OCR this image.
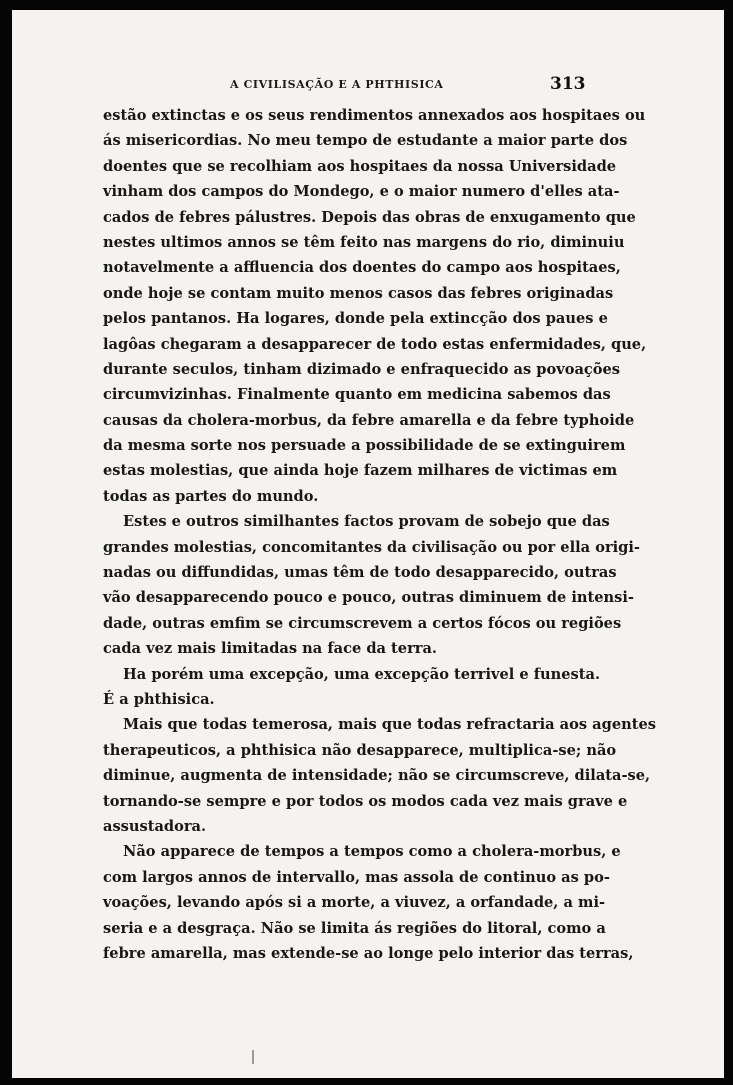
A CIVILISAÇÃO E A PHTHISICA	313
estão extinctas e os seus rendimentos annexados aos hospitaes ou
ás misericordias. No meu tempo de estudante a maior parte dos
doentes que se recolhiam aos hospitaes da nossa Universidade
vinham dos campos do Mondego, e o maior numero d'elles ata-
cados de febres pálustres. Depois das obras de enxugamento que
nestes ultimos annos se têm feito nas margens do rio, diminuiu
notavelmente a affluencia dos doentes do campo aos hospitaes,
onde hoje se contam muito menos casos das febres originadas
pelos pantanos. Ha logares, donde pela extincção dos paues e
lagôas chegaram a desapparecer de todo estas enfermidades, que,
durante seculos, tinham dizimado e enfraquecido as povoações
circumvizinhas. Finalmente quanto em medicina sabemos das
causas da cholera-morbus, da febre amarella e da febre typhoide
da mesma sorte nos persuade a possibilidade de se extinguirem
estas molestias, que ainda hoje fazem milhares de victimas em
todas as partes do mundo.
Estes e outros similhantes factos provam de sobejo que das
grandes molestias, concomitantes da civilisação ou por ella origi-
nadas ou diffundidas, umas têm de todo desapparecido, outras
vão desapparecendo pouco e pouco, outras diminuem de intensi-
dade, outras emfim se circumscrevem a certos fócos ou regiões
cada vez mais limitadas na face da terra.
Ha porém uma excepção, uma excepção terrivel e funesta.
É a phthisica.
Mais que todas temerosa, mais que todas refractaria aos agentes
therapeuticos, a phthisica não desapparece, multiplica-se; não
diminue, augmenta de intensidade; não se circumscreve, dilata-se,
tornando-se sempre e por todos os modos cada vez mais grave e
assustadora.
Não apparece de tempos a tempos como a cholera-morbus, e
com largos annos de intervallo, mas assola de continuo as po-
voações, levando após si a morte, a viuvez, a orfandade, a mi-
seria e a desgraça. Não se limita ás regiões do litoral, como a
febre amarella, mas extende-se ao longe pelo interior das terras,
